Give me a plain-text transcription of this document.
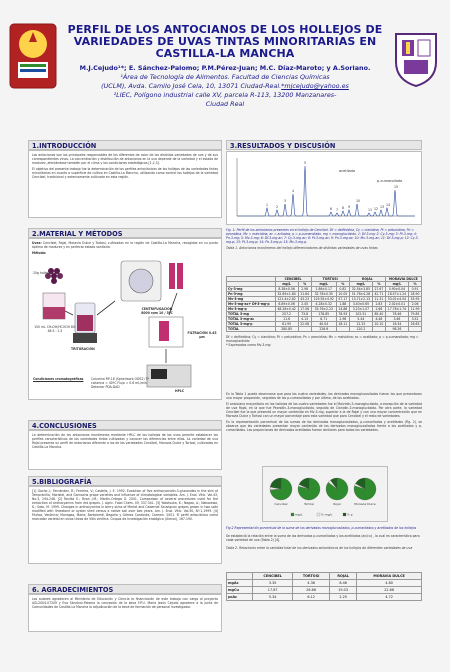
PERFIL DE LOS ANTOCIANOS DE LOS HOLLEJOS DE
VARIEDADES DE UVAS TINTAS MINORITARIAS EN
CASTILLA-LA MANCHA
M.J.Cejudo¹*; E. Sánchez-Palomo; P.M.Pérez-Juan; M.C. Díaz-Maroto; y A.Soriano.
¹Área de Tecnología de Alimentos. Facultad de Ciencias Químicas
(UCLM), Avda. Camilo José Cela, 10, 13071 Ciudad-Real.*mjcejudo@yahoo.es
²LIEC, Polígono industrial calle XV, parcela R-113, 13200 Manzanares-
Ciudad Real
1.INTRODUCCIÓN

Los antocianos son los principales responsables de los diferentes de color de los distintos variedades de uva y de sus correspondientes vinos. La concentración y distribución de antocianos en la uva depende de la variedad y el estado de madurez, afectándose también por el clima y las condiciones edafológicas [1,2,3].

El objetivo del presente trabajo fue la determinación de los perfiles antociánicos de los hollejos de las variedades tintas minoritarias en cuanto a superficie de cultivo en Castilla-La Mancha, utilizando como control los hollejos de la variedad Cencibel, tradicional y extensamente cultivada en esta región.

2.MATERIAL Y MÉTODOS

Uvas: Cencibel, Rojal, Moravia Dulce y Tortosí, cultivadas en la región de Castilla-La Mancha, recogidas en su punto óptimo de madurez y en perfecto estado sanitario.

Método:

20g hollejo
150 mL CH₃OH/HCOOH 80: 48.5 : 1.5
TRITURACIÓN
CENTRIFUGACIÓN 8000 rpm 10 / 5ºC
FILTRACIÓN 0.45 µm
Condiciones cromatográficas	Columna RP-18 (Spherisorb ODS2) Tª columna = 40ºC Flujo = 0.6 mL/min Detector PDA-DAD
HPLC
4.CONCLUSIONES

La determinación de los antocianos monómeros mediante HPLC de los hollejos de las uvas permite establecer los perfiles característicos de las variedades tintas cultivadas y conocer las diferencias entre ellas. La variedad de uva Rojal presenta un perfil de antocianos diferente a los de las variedades Cencibel, Moravia Dulce y Tortosí, cultivadas en Castilla-La Mancha.

5.BIBLIOGRAFÍA

[1] Gacho J.; Fernández, R.; Ferreira, V.; Castells, J. E. 1992. Evolution of five anthocyanidin-3-glucosides in the skin of Tempranillo, Moristel, and Garnacha grape varieties and influence of climatological variables. Am. J. Enol. Vitic. Vol.43, No.3, 244-248. [2] Revilla E.; Ryan J.M.; Martín-Ortega G. 2001. Comparison of several procedures used for the extraction of anthocyanins from red grapes. J. Agric. Food Chem. 49, 337-341. [3] Yokotsuka, K.; Nagao, A.; Nakazawa, K.; Sato, M. 1999. Changes in anthocyanins in berry skins of Merlot and Cabernet Sauvignon grapes grown in two soils modified with limestone or oyster shell versus a native soil over two years. Am. J. Enol. Vitic. Vol.50, Nº.1,1999. [4] Muñoz, Verónica; Monagas, María; Bartolomé, Begoña y Gómez Cordovés, Carmen. 2001. El perfil antociánico como marcador varietal en vinos tintos de Vitis vinifera. Grupos de Investigación enológica (Gienol), 167-190.

6. AGRADECIMIENTOS

Los autores agradecen al Ministerio de Educación y Ciencia la financiación de este trabajo con cargo al proyecto AGL2004-07209 y Eva Sánchez-Palomo la concesión de la beca F.P.U. María Jesús Cejudo agradece a la Junta de Comunidades de Castilla-La Mancha la adjudicación de la beca de formación de personal investigador.

3.RESULTADOS Y DISCUSIÓN
1 2
3
4
5
6 7 8 9
10
11 12 13 14
15
acetilado
p-cumaroilado

Fig. 1: Perfil de los antocianos presentes en el hollejo de Cencibel. Df = delfinidina, Cy = cianidina, Pt = petunidina, Pn = peonidina, Mv = malvidina, ac = acilados, p = p-cumaroilado, mg = monoglucósido. 1: Df-3-mg; 2: Cy-3-mg; 3: Pt-3-mg; 4: Pn-3-mg; 5: Mv-3-mg; 6: Df-3-mg-ac; 7: Cy-3-mg-ac; 8: Pt-3-mg-ac; 9: Pn-3-mg-ac; 10: Mv-3-mg-ac; 11: Df-3-mg-p; 12: Cy-3-mg-p; 13: Pt-3-mg-p; 14: Pn-3-mg-p; 15: Mv-3-mg-p.

Tabla 1. Antocianos monómeros del hollejo diferenciadores de distintas variedades de uvas tintas

	CENCIBEL		TORTOSI		ROJAL		MORAVIA DULCE	
	mg/L	%	mg/L	%	mg/L	%	mg/L	%
Cy-3-mg	8.38±0.56	2.98	1.86±0.17	0.82	32.54±3.85	27.67	0.90±0.04	0.91
Pn-3-mg	32.69±1.80	11.64	32.78±0.35	10.05	51.76±4.28	42.71	18.57±1.24	18.90
Mv-3-mg	121.4±2.82	43.23	129.55±4.92	57.17	13.71±2.13	11.31	53.01±4.54	53.95
Mv-3-mg-ac+ Df-3-mg-p	6.89±0.06	2.45	4.28±0.32	1.88	3.40±0.65	2.83	2.02±0.01	2.06
Mv-3-mg-p	48.28±0.42	17.56	33.76±2.23	14.88	3.23±1.07	2.66	17.76±1.74	11.99
TOTAL 3-mg	207.2	73.8	178.85	78.93	102.51	85.40	78.46	79.85
TOTAL 3-mg-ac	11.6	4.13	6.71	2.96	5.44	4.48	3.46	3.52
TOTAL 3-mg-p	61.95	22.08	40.04	18.11	12.25	10.10	16.34	16.63
TOTAL	280.85		226.6		120.2		98.26	

Df = delfinidina; Cy = cianidina; Pt = petunidina; Pn = peonidina; Mv = malvidina; ac = acetilado; p = p-cumaroilado; mg = monoglucósido

* Expresados como Mv-3-mg

En la Tabla 1 puede observarse que para las cuatro variedades, los derivados monoglucosilados fueron los que presentaron una mayor proporción, seguidos de los p-cumaroilados y por último, de los acetilados.

El antociano mayoritario en los hollejos de las cuatro variedades fue el Malvidin-3-monoglucósido, a excepción de la variedad de uva Rojal, en la que fue Peonidin-3-monoglucósido, seguido de Cianidin-3-monoglucósido. Por otra parte, la variedad Cencibel fue la que presentó un mayor contenido en Mv-3-mg, superior a la de Rojal y con una mayor concentración que en Moravia Dulce y Tortosí con un mayor porcentaje para esta variedad que para Cencibel y el resto de variedades.

En la representación porcentual de las sumas de los derivados monoglucosilados, p-cumarilados y acetilados (Fig. 2), se observa que las variedades presentan mayor contenido de los derivados monoglucosilados frente a los acetilados y p-cumarilados. Las proporciones de derivados acetilados fueron similares para todas las variedades.

Cencibel	Tortosí	Rojal	Moravia Dulce
mg/L	% mg/L	% p

Fig.2 Representación porcentual de la suma de los derivados monoglucosilados, p-cumarilados y acetilados de los hollejos

Se estableció la relación entre la suma de los derivados p-cumarilados y los acetilados (ac/cu) , la cual es característica para cada variedad de uva (Tabla 2) [4].

Tabla 2. Relaciones entre la cantidad total de los derivados antociánicos de los hollejos de diferentes variedades de uva

	CENCIBEL	TORTOSI	ROJAL	MORAVIA DULCE
mgAc	3.35	4.36	8.46	4.80
mgCu	17.87	26.66	19.03	22.68
pcAc	5.34	6.12	2.25	4.72
